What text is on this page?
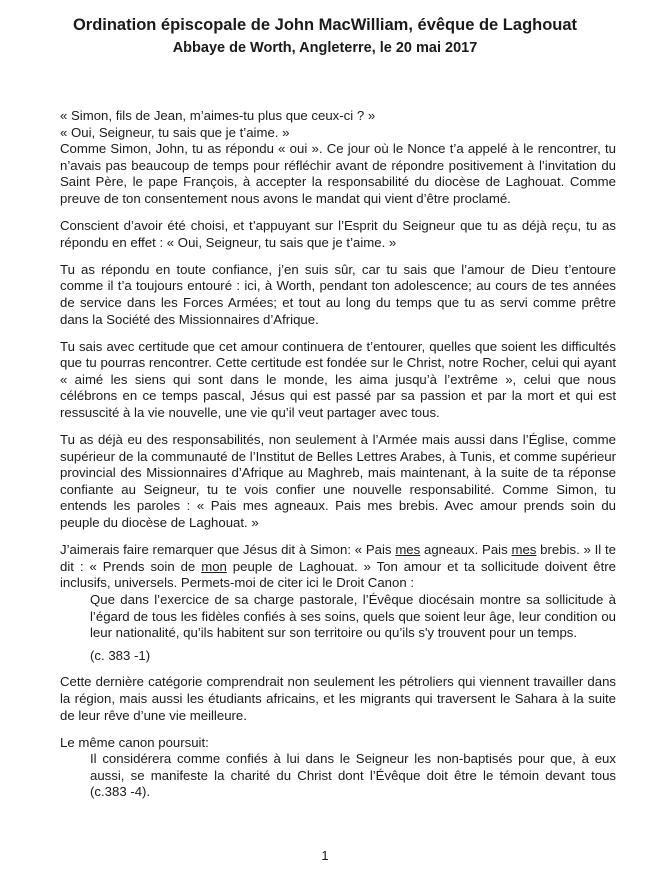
Ordination épiscopale de John MacWilliam, évêque de Laghouat
Abbaye de Worth, Angleterre, le 20 mai 2017
« Simon, fils de Jean, m’aimes-tu plus que ceux-ci ? »
« Oui, Seigneur, tu sais que je t’aime. »
Comme Simon, John, tu as répondu « oui ». Ce jour où le Nonce t’a appelé à le rencontrer, tu n’avais pas beaucoup de temps pour réfléchir avant de répondre positivement à l’invitation du Saint Père, le pape François, à accepter la responsabilité du diocèse de Laghouat. Comme preuve de ton consentement nous avons le mandat qui vient d’être proclamé.
Conscient d’avoir été choisi, et t’appuyant sur l’Esprit du Seigneur que tu as déjà reçu, tu as répondu en effet : « Oui, Seigneur, tu sais que je t’aime. »
Tu as répondu en toute confiance, j’en suis sûr, car tu sais que l’amour de Dieu t’entoure comme il t’a toujours entouré : ici, à Worth, pendant ton adolescence; au cours de tes années de service dans les Forces Armées; et tout au long du temps que tu as servi comme prêtre dans la Société des Missionnaires d’Afrique.
Tu sais avec certitude que cet amour continuera de t’entourer, quelles que soient les difficultés que tu pourras rencontrer. Cette certitude est fondée sur le Christ, notre Rocher, celui qui ayant « aimé les siens qui sont dans le monde, les aima jusqu’à l’extrême », celui que nous célébrons en ce temps pascal, Jésus qui est passé par sa passion et par la mort et qui est ressuscité à la vie nouvelle, une vie qu’il veut partager avec tous.
Tu as déjà eu des responsabilités, non seulement à l’Armée mais aussi dans l’Église, comme supérieur de la communauté de l’Institut de Belles Lettres Arabes, à Tunis, et comme supérieur provincial des Missionnaires d’Afrique au Maghreb, mais maintenant, à la suite de ta réponse confiante au Seigneur, tu te vois confier une nouvelle responsabilité. Comme Simon, tu entends les paroles : « Pais mes agneaux. Pais mes brebis. Avec amour prends soin du peuple du diocèse de Laghouat. »
J’aimerais faire remarquer que Jésus dit à Simon: « Pais mes agneaux. Pais mes brebis. » Il te dit : « Prends soin de mon peuple de Laghouat. » Ton amour et ta sollicitude doivent être inclusifs, universels. Permets-moi de citer ici le Droit Canon :
Que dans l’exercice de sa charge pastorale, l’Évêque diocésain montre sa sollicitude à l’égard de tous les fidèles confiés à ses soins, quels que soient leur âge, leur condition ou leur nationalité, qu’ils habitent sur son territoire ou qu’ils s'y trouvent pour un temps.
(c. 383 -1)
Cette dernière catégorie comprendrait non seulement les pétroliers qui viennent travailler dans la région, mais aussi les étudiants africains, et les migrants qui traversent le Sahara à la suite de leur rêve d’une vie meilleure.
Le même canon poursuit:
Il considérera comme confiés à lui dans le Seigneur les non-baptisés pour que, à eux aussi, se manifeste la charité du Christ dont l’Évêque doit être le témoin devant tous (c.383 -4).
1
